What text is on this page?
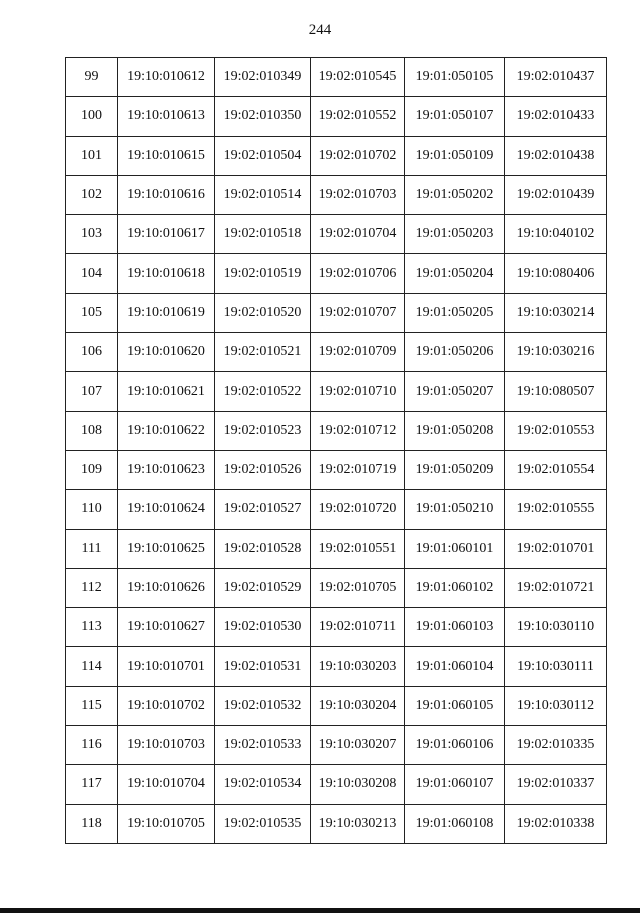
244
99	19:10:010612	19:02:010349	19:02:010545	19:01:050105	19:02:010437
100	19:10:010613	19:02:010350	19:02:010552	19:01:050107	19:02:010433
101	19:10:010615	19:02:010504	19:02:010702	19:01:050109	19:02:010438
102	19:10:010616	19:02:010514	19:02:010703	19:01:050202	19:02:010439
103	19:10:010617	19:02:010518	19:02:010704	19:01:050203	19:10:040102
104	19:10:010618	19:02:010519	19:02:010706	19:01:050204	19:10:080406
105	19:10:010619	19:02:010520	19:02:010707	19:01:050205	19:10:030214
106	19:10:010620	19:02:010521	19:02:010709	19:01:050206	19:10:030216
107	19:10:010621	19:02:010522	19:02:010710	19:01:050207	19:10:080507
108	19:10:010622	19:02:010523	19:02:010712	19:01:050208	19:02:010553
109	19:10:010623	19:02:010526	19:02:010719	19:01:050209	19:02:010554
110	19:10:010624	19:02:010527	19:02:010720	19:01:050210	19:02:010555
111	19:10:010625	19:02:010528	19:02:010551	19:01:060101	19:02:010701
112	19:10:010626	19:02:010529	19:02:010705	19:01:060102	19:02:010721
113	19:10:010627	19:02:010530	19:02:010711	19:01:060103	19:10:030110
114	19:10:010701	19:02:010531	19:10:030203	19:01:060104	19:10:030111
115	19:10:010702	19:02:010532	19:10:030204	19:01:060105	19:10:030112
116	19:10:010703	19:02:010533	19:10:030207	19:01:060106	19:02:010335
117	19:10:010704	19:02:010534	19:10:030208	19:01:060107	19:02:010337
118	19:10:010705	19:02:010535	19:10:030213	19:01:060108	19:02:010338
